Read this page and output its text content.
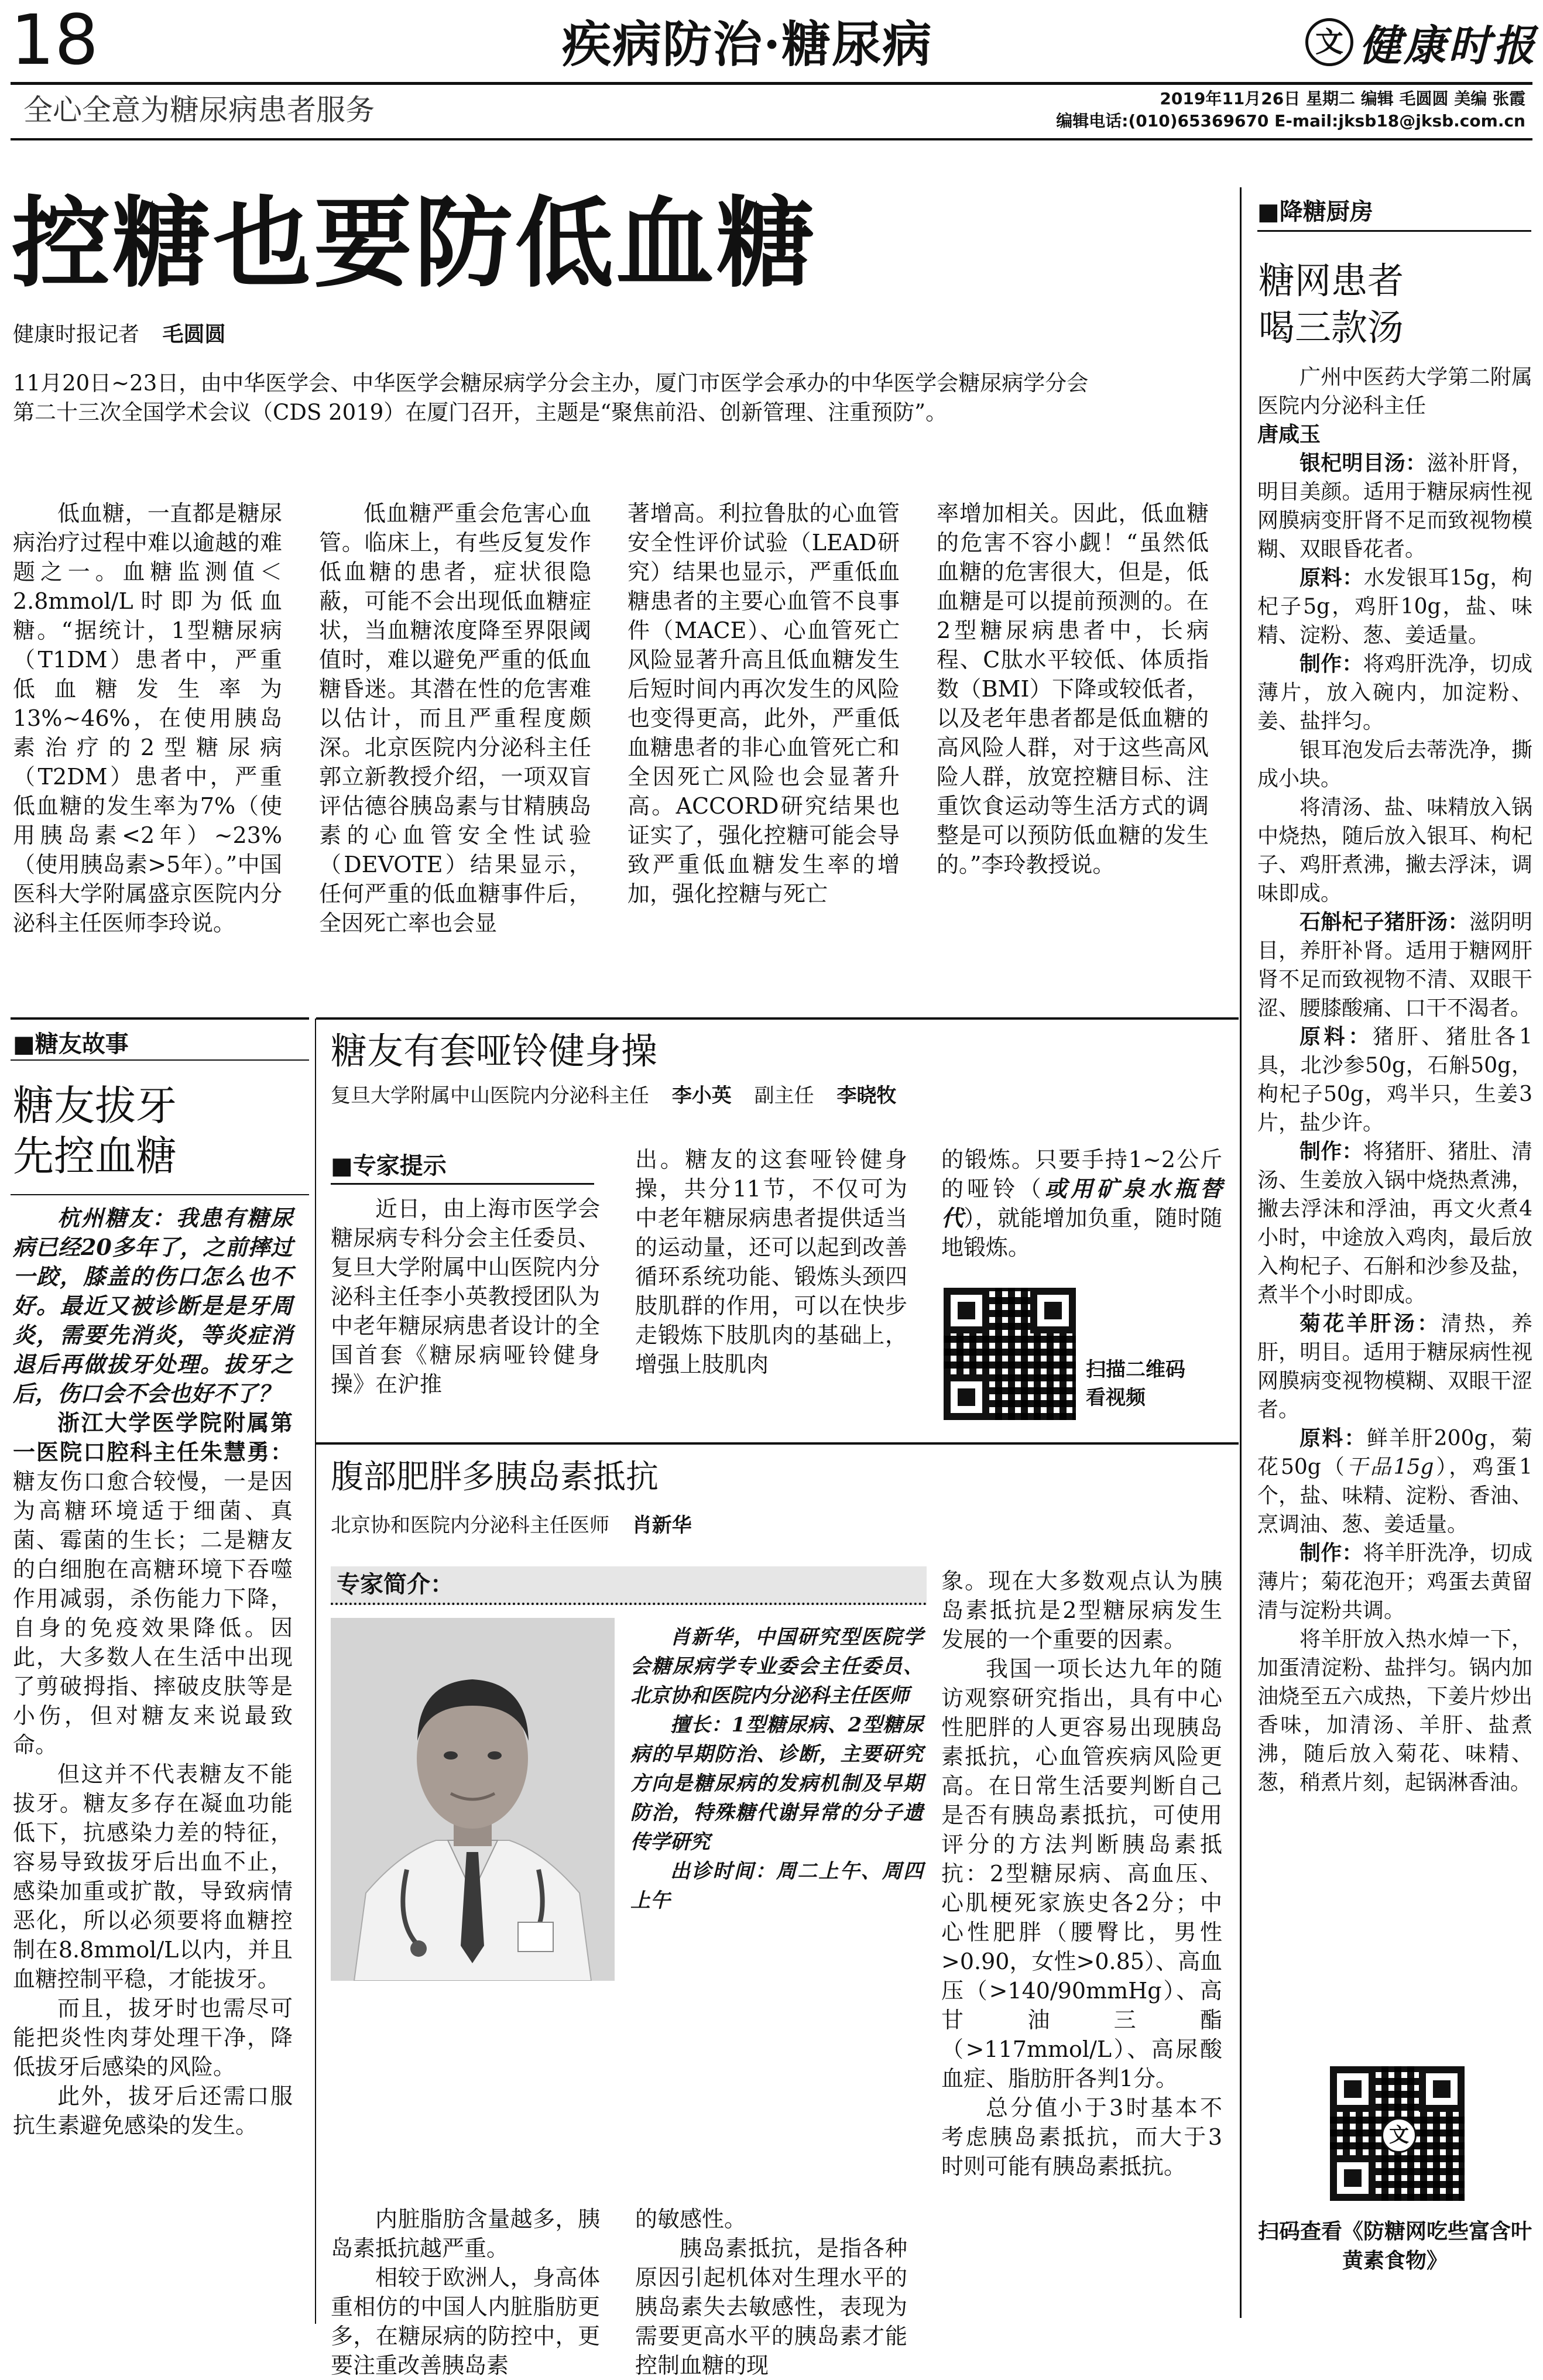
18	疾病防治·糖尿病	文 健康时报
全心全意为糖尿病患者服务	2019年11月26日 星期二 编辑 毛圆圆 美编 张霞
编辑电话:(010)65369670 E-mail:jksb18@jksb.com.cn
控糖也要防低血糖
健康时报记者 毛圆圆
11月20日~23日，由中华医学会、中华医学会糖尿病学分会主办，厦门市医学会承办的中华医学会糖尿病学分会第二十三次全国学术会议（CDS 2019）在厦门召开，主题是“聚焦前沿、创新管理、注重预防”。

低血糖，一直都是糖尿病治疗过程中难以逾越的难题之一。血糖监测值＜2.8mmol/L时即为低血糖。“据统计，1型糖尿病（T1DM）患者中，严重低血糖发生率为13%~46%，在使用胰岛素治疗的2型糖尿病（T2DM）患者中，严重低血糖的发生率为7%（使用胰岛素<2年）~23%（使用胰岛素>5年）。”中国医科大学附属盛京医院内分泌科主任医师李玲说。

低血糖严重会危害心血管。临床上，有些反复发作低血糖的患者，症状很隐蔽，可能不会出现低血糖症状，当血糖浓度降至界限阈值时，难以避免严重的低血糖昏迷。其潜在性的危害难以估计，而且严重程度颇深。北京医院内分泌科主任郭立新教授介绍，一项双盲评估德谷胰岛素与甘精胰岛素的心血管安全性试验（DEVOTE）结果显示，任何严重的低血糖事件后，全因死亡率也会显

著增高。利拉鲁肽的心血管安全性评价试验（LEAD研究）结果也显示，严重低血糖患者的主要心血管不良事件（MACE）、心血管死亡风险显著升高且低血糖发生后短时间内再次发生的风险也变得更高，此外，严重低血糖患者的非心血管死亡和全因死亡风险也会显著升高。ACCORD研究结果也证实了，强化控糖可能会导致严重低血糖发生率的增加，强化控糖与死亡

率增加相关。因此，低血糖的危害不容小觑！“虽然低血糖的危害很大，但是，低血糖是可以提前预测的。在2型糖尿病患者中，长病程、C肽水平较低、体质指数（BMI）下降或较低者，以及老年患者都是低血糖的高风险人群，对于这些高风险人群，放宽控糖目标、注重饮食运动等生活方式的调整是可以预防低血糖的发生的。”李玲教授说。

■糖友故事
糖友拔牙
先控血糖

杭州糖友：我患有糖尿病已经20多年了，之前摔过一跤，膝盖的伤口怎么也不好。最近又被诊断是是牙周炎，需要先消炎，等炎症消退后再做拔牙处理。拔牙之后，伤口会不会也好不了？

浙江大学医学院附属第一医院口腔科主任朱慧勇：糖友伤口愈合较慢，一是因为高糖环境适于细菌、真菌、霉菌的生长；二是糖友的白细胞在高糖环境下吞噬作用减弱，杀伤能力下降，自身的免疫效果降低。因此，大多数人在生活中出现了剪破拇指、摔破皮肤等是小伤，但对糖友来说最致命。

但这并不代表糖友不能拔牙。糖友多存在凝血功能低下，抗感染力差的特征，容易导致拔牙后出血不止，感染加重或扩散，导致病情恶化，所以必须要将血糖控制在8.8mmol/L以内，并且血糖控制平稳，才能拔牙。

而且，拔牙时也需尽可能把炎性肉芽处理干净，降低拔牙后感染的风险。

此外，拔牙后还需口服抗生素避免感染的发生。

糖友有套哑铃健身操
复旦大学附属中山医院内分泌科主任 李小英 副主任 李晓牧
■专家提示

近日，由上海市医学会糖尿病专科分会主任委员、复旦大学附属中山医院内分泌科主任李小英教授团队为中老年糖尿病患者设计的全国首套《糖尿病哑铃健身操》在沪推

出。糖友的这套哑铃健身操，共分11节，不仅可为中老年糖尿病患者提供适当的运动量，还可以起到改善循环系统功能、锻炼头颈四肢肌群的作用，可以在快步走锻炼下肢肌肉的基础上，增强上肢肌肉

的锻炼。只要手持1~2公斤的哑铃（或用矿泉水瓶替代），就能增加负重，随时随地锻炼。

扫描二维码看视频
腹部肥胖多胰岛素抵抗
北京协和医院内分泌科主任医师 肖新华
专家简介：

肖新华，中国研究型医院学会糖尿病学专业委会主任委员、北京协和医院内分泌科主任医师

擅长：1型糖尿病、2型糖尿病的早期防治、诊断，主要研究方向是糖尿病的发病机制及早期防治，特殊糖代谢异常的分子遗传学研究

出诊时间：周二上午、周四上午

象。现在大多数观点认为胰岛素抵抗是2型糖尿病发生发展的一个重要的因素。

我国一项长达九年的随访观察研究指出，具有中心性肥胖的人更容易出现胰岛素抵抗，心血管疾病风险更高。在日常生活要判断自己是否有胰岛素抵抗，可使用评分的方法判断胰岛素抵抗：2型糖尿病、高血压、心肌梗死家族史各2分；中心性肥胖（腰臀比，男性>0.90，女性>0.85）、高血压（>140/90mmHg）、高甘油三酯（>117mmol/L）、高尿酸血症、脂肪肝各判1分。

总分值小于3时基本不考虑胰岛素抵抗，而大于3时则可能有胰岛素抵抗。

内脏脂肪含量越多，胰岛素抵抗越严重。

相较于欧洲人，身高体重相仿的中国人内脏脂肪更多，在糖尿病的防控中，更要注重改善胰岛素

的敏感性。

胰岛素抵抗，是指各种原因引起机体对生理水平的胰岛素失去敏感性，表现为需要更高水平的胰岛素才能控制血糖的现

■降糖厨房
糖网患者
喝三款汤

广州中医药大学第二附属医院内分泌科主任

唐咸玉

银杞明目汤：滋补肝肾，明目美颜。适用于糖尿病性视网膜病变肝肾不足而致视物模糊、双眼昏花者。

原料：水发银耳15g，枸杞子5g，鸡肝10g，盐、味精、淀粉、葱、姜适量。

制作：将鸡肝洗净，切成薄片，放入碗内，加淀粉、姜、盐拌匀。

银耳泡发后去蒂洗净，撕成小块。

将清汤、盐、味精放入锅中烧热，随后放入银耳、枸杞子、鸡肝煮沸，撇去浮沫，调味即成。

石斛杞子猪肝汤：滋阴明目，养肝补肾。适用于糖网肝肾不足而致视物不清、双眼干涩、腰膝酸痛、口干不渴者。

原料：猪肝、猪肚各1具，北沙参50g，石斛50g，枸杞子50g，鸡半只，生姜3片，盐少许。

制作：将猪肝、猪肚、清汤、生姜放入锅中烧热煮沸，撇去浮沫和浮油，再文火煮4小时，中途放入鸡肉，最后放入枸杞子、石斛和沙参及盐，煮半个小时即成。

菊花羊肝汤：清热，养肝，明目。适用于糖尿病性视网膜病变视物模糊、双眼干涩者。

原料：鲜羊肝200g，菊花50g（干品15g），鸡蛋1个，盐、味精、淀粉、香油、烹调油、葱、姜适量。

制作：将羊肝洗净，切成薄片；菊花泡开；鸡蛋去黄留清与淀粉共调。

将羊肝放入热水焯一下，加蛋清淀粉、盐拌匀。锅内加油烧至五六成热，下姜片炒出香味，加清汤、羊肝、盐煮沸，随后放入菊花、味精、葱，稍煮片刻，起锅淋香油。

文
扫码查看《防糖网吃些富含叶黄素食物》
